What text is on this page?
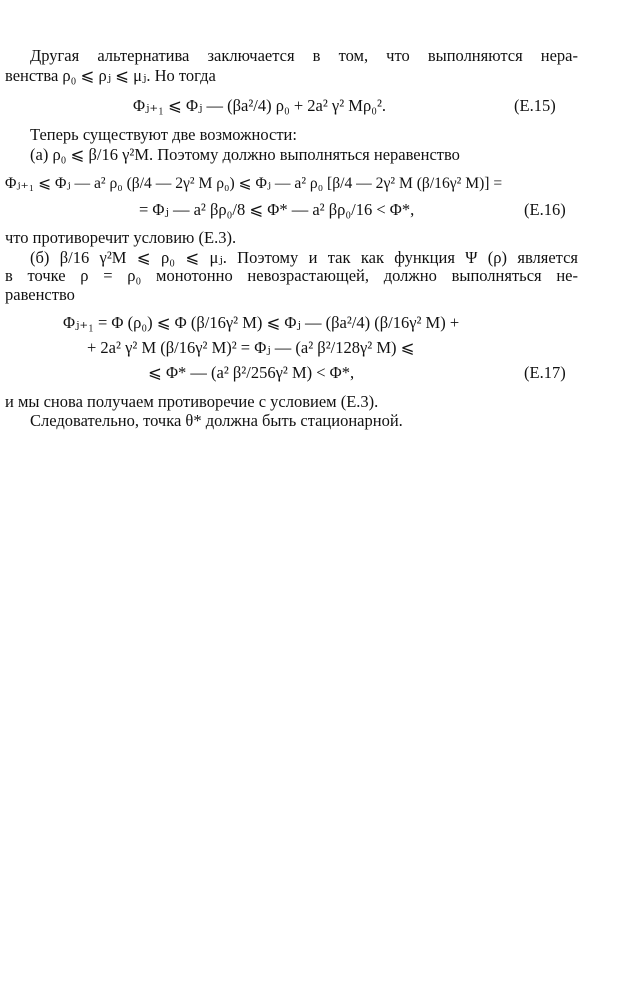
Другая альтернатива заключается в том, что выполняются нера-
венства ρ₀ ⩽ ρⱼ ⩽ μⱼ. Но тогда
Φⱼ₊₁ ⩽ Φⱼ — (βa²/4) ρ₀ + 2a² γ² Mρ₀².	(Е.15)
Теперь существуют две возможности:
(а) ρ₀ ⩽ β/16 γ²M. Поэтому должно выполняться неравенство
Φⱼ₊₁ ⩽ Φⱼ — a² ρ₀ (β/4 — 2γ² M ρ₀) ⩽ Φⱼ — a² ρ₀ [β/4 — 2γ² M (β/16γ² M)] =
= Φⱼ — a² βρ₀/8 ⩽ Φ* — a² βρ₀/16 < Φ*,	(Е.16)
что противоречит условию (Е.3).
(б) β/16 γ²M ⩽ ρ₀ ⩽ μⱼ. Поэтому и так как функция Ψ (ρ) является
в точке ρ = ρ₀ монотонно невозрастающей, должно выполняться не-
равенство
Φⱼ₊₁ = Φ (ρ₀) ⩽ Φ (β/16γ² M) ⩽ Φⱼ — (βa²/4) (β/16γ² M) +
+ 2a² γ² M (β/16γ² M)² = Φⱼ — (a² β²/128γ² M) ⩽
⩽ Φ* — (a² β²/256γ² M) < Φ*,	(Е.17)
и мы снова получаем противоречие с условием (Е.3).
Следовательно, точка θ* должна быть стационарной.
